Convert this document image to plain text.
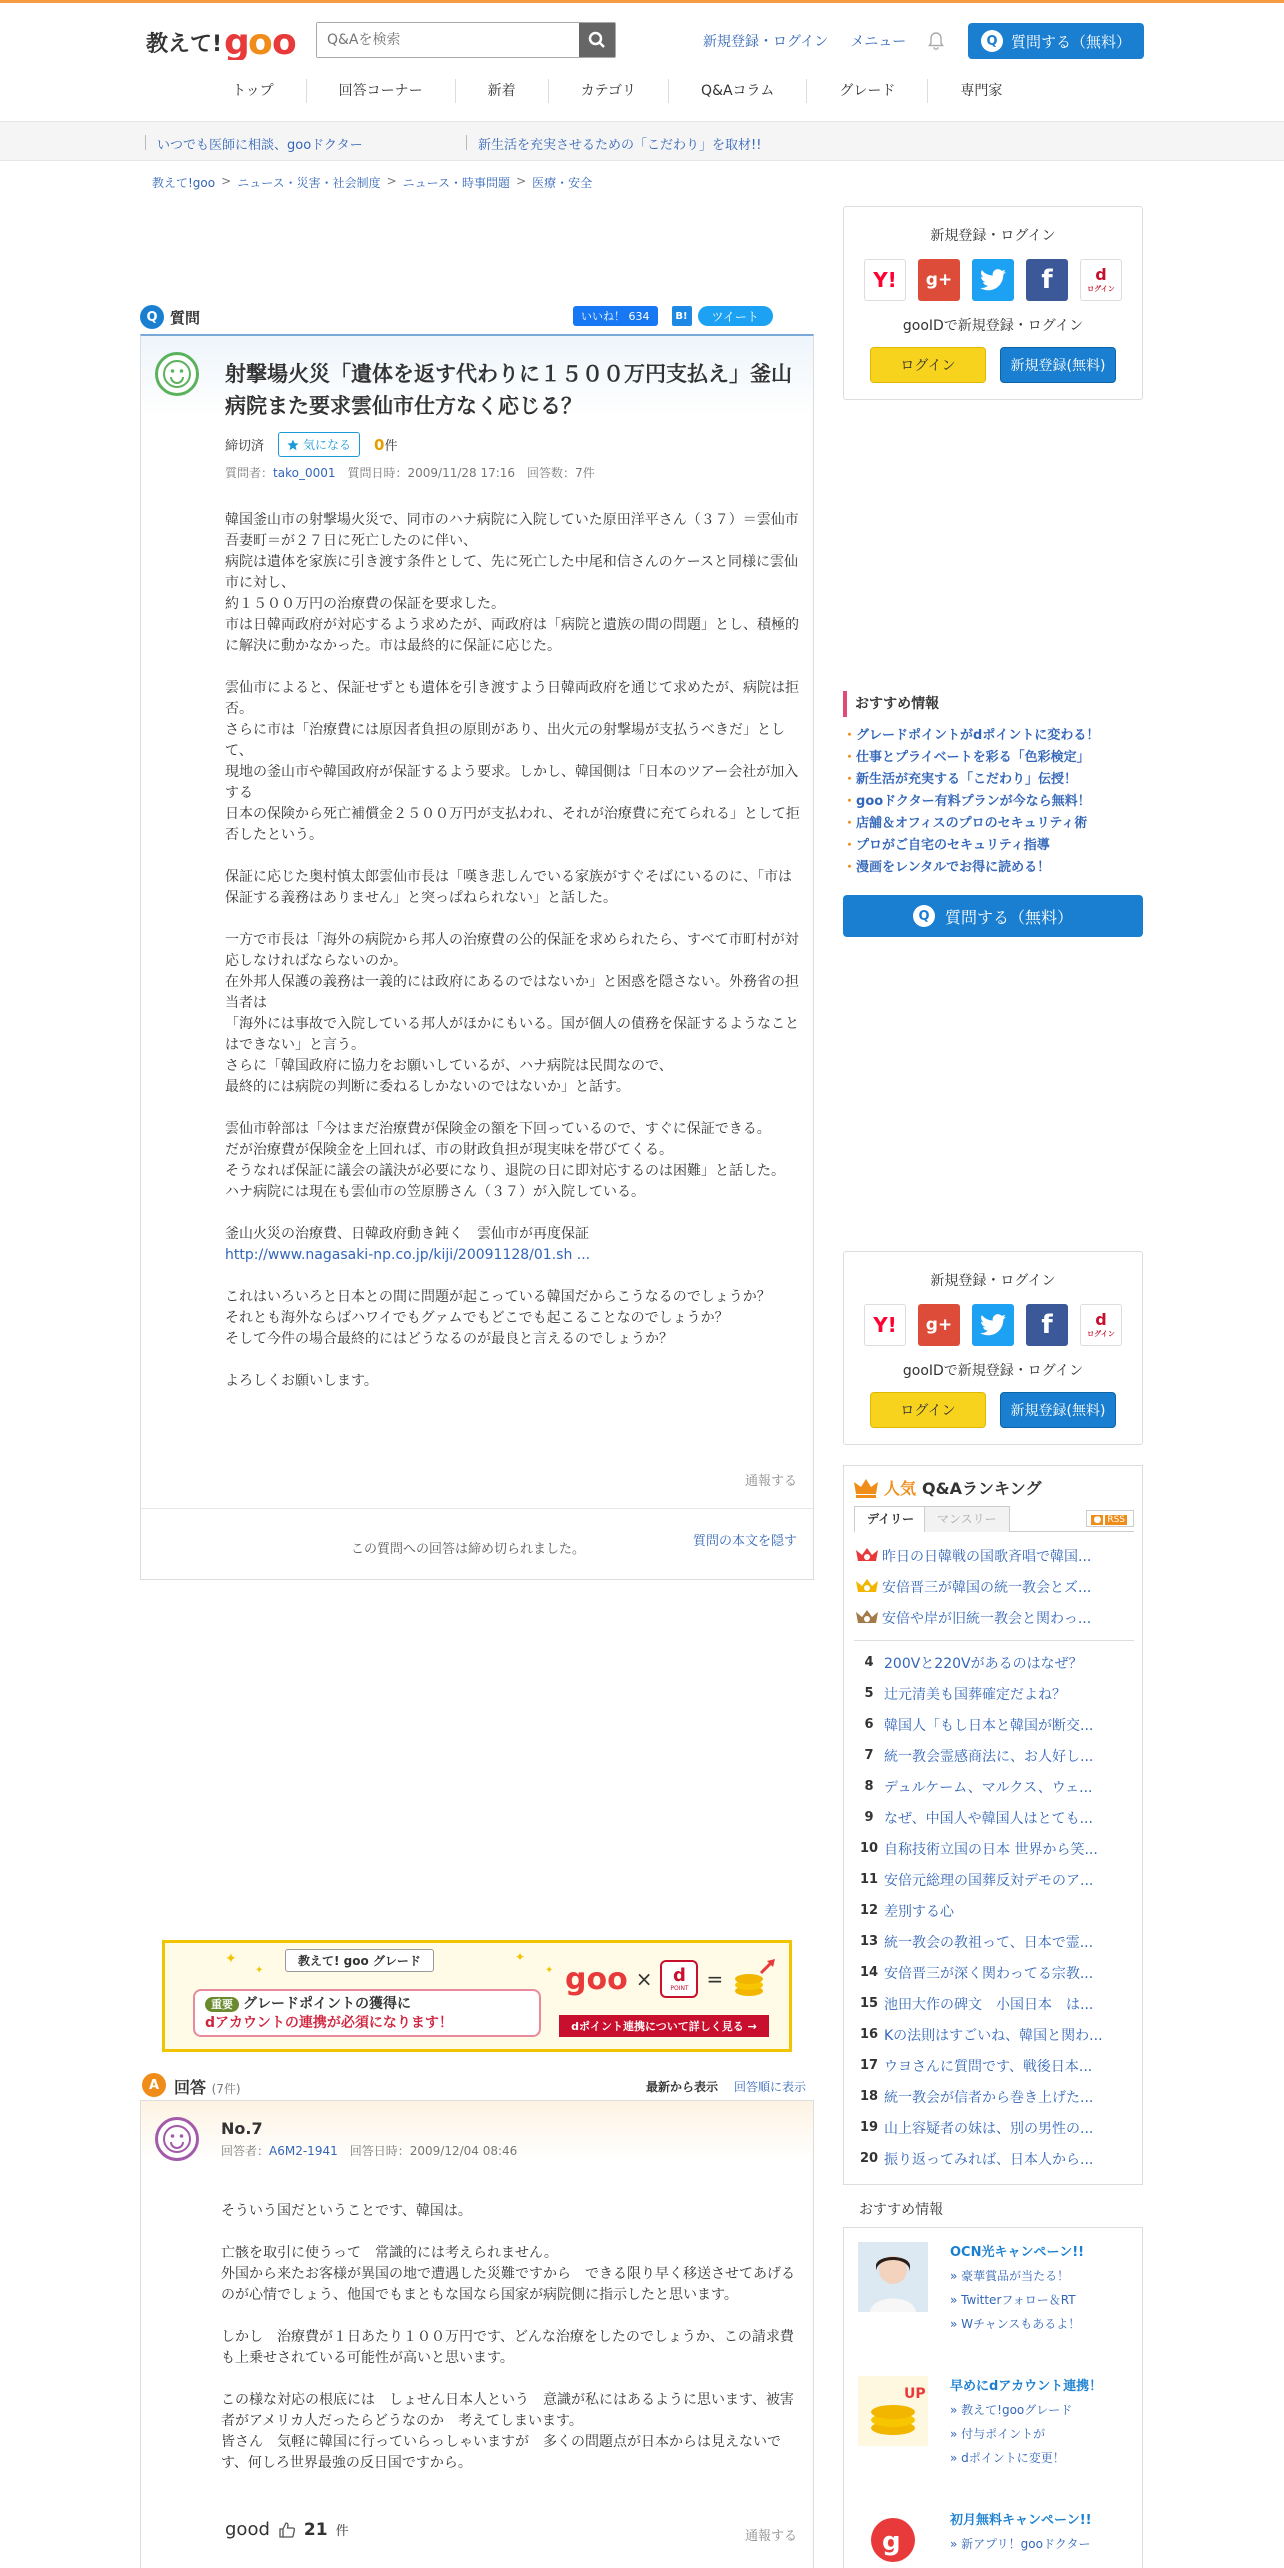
教えて! g
o o
Q&Aを検索	新規登録・ログイン メニュー	Q 質問する（無料）
トップ	回答コーナー	新着	カテゴリ	Q&Aコラム	グレード	専門家
いつでも医師に相談、gooドクター	新生活を充実させるための「こだわり」を取材!!
教えて!goo > ニュース・災害・社会制度 > ニュース・時事問題 > 医療・安全
Q 質問	いいね！ 634	B!	ツイート
射撃場火災「遺体を返す代わりに１５００万円支払え」釜山病院また要求雲仙市仕方なく応じる？
締切済	気になる 0件
質問者：tako_0001　 質問日時：2009/11/28 17:16　回答数：7件
韓国釜山市の射撃場火災で、同市のハナ病院に入院していた原田洋平さん（３７）＝雲仙市吾妻町＝が２７日に死亡したのに伴い、
病院は遺体を家族に引き渡す条件として、先に死亡した中尾和信さんのケースと同様に雲仙市に対し、
約１５００万円の治療費の保証を要求した。
市は日韓両政府が対応するよう求めたが、両政府は「病院と遺族の間の問題」とし、積極的に解決に動かなかった。市は最終的に保証に応じた。

雲仙市によると、保証せずとも遺体を引き渡すよう日韓両政府を通じて求めたが、病院は拒否。
さらに市は「治療費には原因者負担の原則があり、出火元の射撃場が支払うべきだ」として、
現地の釜山市や韓国政府が保証するよう要求。しかし、韓国側は「日本のツアー会社が加入する
日本の保険から死亡補償金２５００万円が支払われ、それが治療費に充てられる」として拒否したという。

保証に応じた奥村慎太郎雲仙市長は「嘆き悲しんでいる家族がすぐそばにいるのに、「市は保証する義務はありません」と突っぱねられない」と話した。

一方で市長は「海外の病院から邦人の治療費の公的保証を求められたら、すべて市町村が対応しなければならないのか。
在外邦人保護の義務は一義的には政府にあるのではないか」と困惑を隠さない。外務省の担当者は
「海外には事故で入院している邦人がほかにもいる。国が個人の債務を保証するようなことはできない」と言う。
さらに「韓国政府に協力をお願いしているが、ハナ病院は民間なので、
最終的には病院の判断に委ねるしかないのではないか」と話す。

雲仙市幹部は「今はまだ治療費が保険金の額を下回っているので、すぐに保証できる。
だが治療費が保険金を上回れば、市の財政負担が現実味を帯びてくる。
そうなれば保証に議会の議決が必要になり、退院の日に即対応するのは困難」と話した。
ハナ病院には現在も雲仙市の笠原勝さん（３７）が入院している。

釜山火災の治療費、日韓政府動き鈍く　雲仙市が再度保証
http://www.nagasaki-np.co.jp/kiji/20091128/01.sh ...

これはいろいろと日本との間に問題が起こっている韓国だからこうなるのでしょうか？
それとも海外ならばハワイでもグァムでもどこでも起こることなのでしょうか？
そして今件の場合最終的にはどうなるのが最良と言えるのでしょうか？

よろしくお願いします。
通報する
この質問への回答は締め切られました。
質問の本文を隠す
教えて! goo グレード
✦
✦
✦
✦
重要 グレードポイントの獲得に
dアカウントの連携が必須になります！
goo × d
POINT =
dポイント連携について詳しく見る →
A 回答 (7件)	最新から表示 回答順に表示
No.7
回答者：A6M2-1941　 回答日時：2009/12/04 08:46
そういう国だということです、韓国は。

亡骸を取引に使うって　常識的には考えられません。
外国から来たお客様が異国の地で遭遇した災難ですから　できる限り早く移送させてあげるのが心情でしょう、他国でもまともな国なら国家が病院側に指示したと思います。

しかし　治療費が１日あたり１００万円です、どんな治療をしたのでしょうか、この請求費も上乗せされている可能性が高いと思います。

この様な対応の根底には　しょせん日本人という　意識が私にはあるように思います、被害者がアメリカ人だったらどうなのか　考えてしまいます。
皆さん　気軽に韓国に行っていらっしゃいますが　多くの問題点が日本からは見えないです、何しろ世界最強の反日国ですから。
good 21 件	通報する
新規登録・ログイン
Y!	g+	f	d
ログイン
gooIDで新規登録・ログイン
ログイン	新規登録(無料)
おすすめ情報
・ グレードポイントがdポイントに変わる！
・ 仕事とプライベートを彩る「色彩検定」
・ 新生活が充実する「こだわり」伝授！
・ gooドクター有料プランが今なら無料！
・ 店舗＆オフィスのプロのセキュリティ術
・ プロがご自宅のセキュリティ指導
・ 漫画をレンタルでお得に読める！
Q 質問する（無料）
新規登録・ログイン
Y!	g+	f	d
ログイン
gooIDで新規登録・ログイン
ログイン	新規登録(無料)
人気 Q&Aランキング
デイリー	マンスリー	● RSS
昨日の日韓戦の国歌斉唱で韓国...
安倍晋三が韓国の統一教会とズ...
安倍や岸が旧統一教会と関わっ...
4 200Vと220Vがあるのはなぜ？
5 辻元清美も国葬確定だよね？
6 韓国人「もし日本と韓国が断交...
7 統一教会霊感商法に、お人好し...
8 デュルケーム、マルクス、ウェ...
9 なぜ、中国人や韓国人はとても...
10 自称技術立国の日本 世界から笑...
11 安倍元総理の国葬反対デモのア...
12 差別する心
13 統一教会の教祖って、日本で霊...
14 安倍晋三が深く関わってる宗教...
15 池田大作の碑文　小国日本　は...
16 Kの法則はすごいね、韓国と関わ...
17 ウヨさんに質問です、戦後日本...
18 統一教会が信者から巻き上げた...
19 山上容疑者の妹は、別の男性の...
20 振り返ってみれば、日本人から...
おすすめ情報
OCN光キャンペーン!!
» 豪華賞品が当たる！
» Twitterフォロー＆RT
» Wチャンスもあるよ！
UP 早めにdアカウント連携！
» 教えて!gooグレード
» 付与ポイントが
» dポイントに変更！
g
初月無料キャンペーン!!
» 新アプリ！gooドクター
